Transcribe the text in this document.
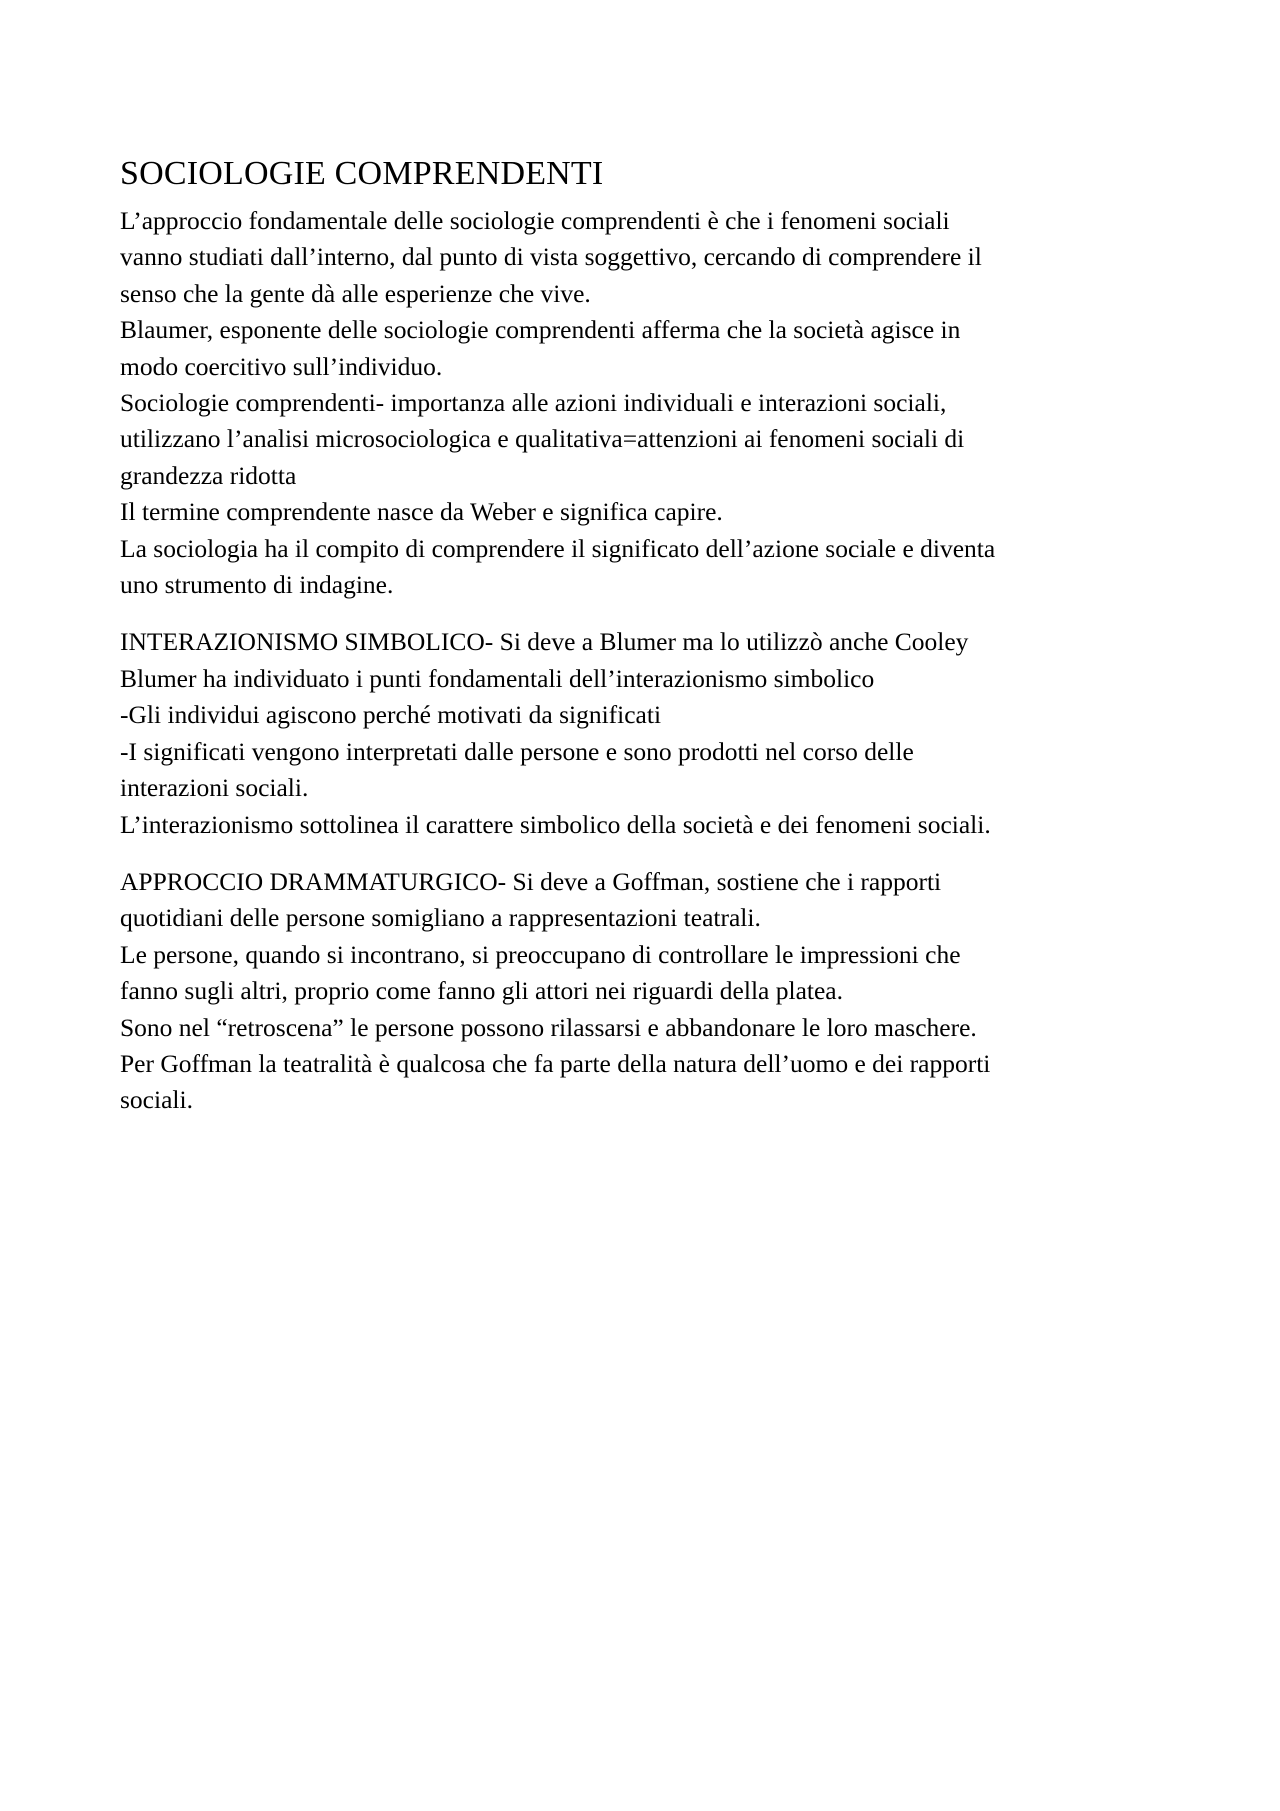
SOCIOLOGIE COMPRENDENTI

L’approccio fondamentale delle sociologie comprendenti è che i fenomeni sociali

vanno studiati dall’interno, dal punto di vista soggettivo, cercando di comprendere il

senso che la gente dà alle esperienze che vive.

Blaumer, esponente delle sociologie comprendenti afferma che la società agisce in

modo coercitivo sull’individuo.

Sociologie comprendenti- importanza alle azioni individuali e interazioni sociali,

utilizzano l’analisi microsociologica e qualitativa=attenzioni ai fenomeni sociali di

grandezza ridotta

Il termine comprendente nasce da Weber e significa capire.

La sociologia ha il compito di comprendere il significato dell’azione sociale e diventa

uno strumento di indagine.

INTERAZIONISMO SIMBOLICO- Si deve a Blumer ma lo utilizzò anche Cooley

Blumer ha individuato i punti fondamentali dell’interazionismo simbolico

-Gli individui agiscono perché motivati da significati

-I significati vengono interpretati dalle persone e sono prodotti nel corso delle

interazioni sociali.

L’interazionismo sottolinea il carattere simbolico della società e dei fenomeni sociali.

APPROCCIO DRAMMATURGICO- Si deve a Goffman, sostiene che i rapporti

quotidiani delle persone somigliano a rappresentazioni teatrali.

Le persone, quando si incontrano, si preoccupano di controllare le impressioni che

fanno sugli altri, proprio come fanno gli attori nei riguardi della platea.

Sono nel “retroscena” le persone possono rilassarsi e abbandonare le loro maschere.

Per Goffman la teatralità è qualcosa che fa parte della natura dell’uomo e dei rapporti

sociali.
